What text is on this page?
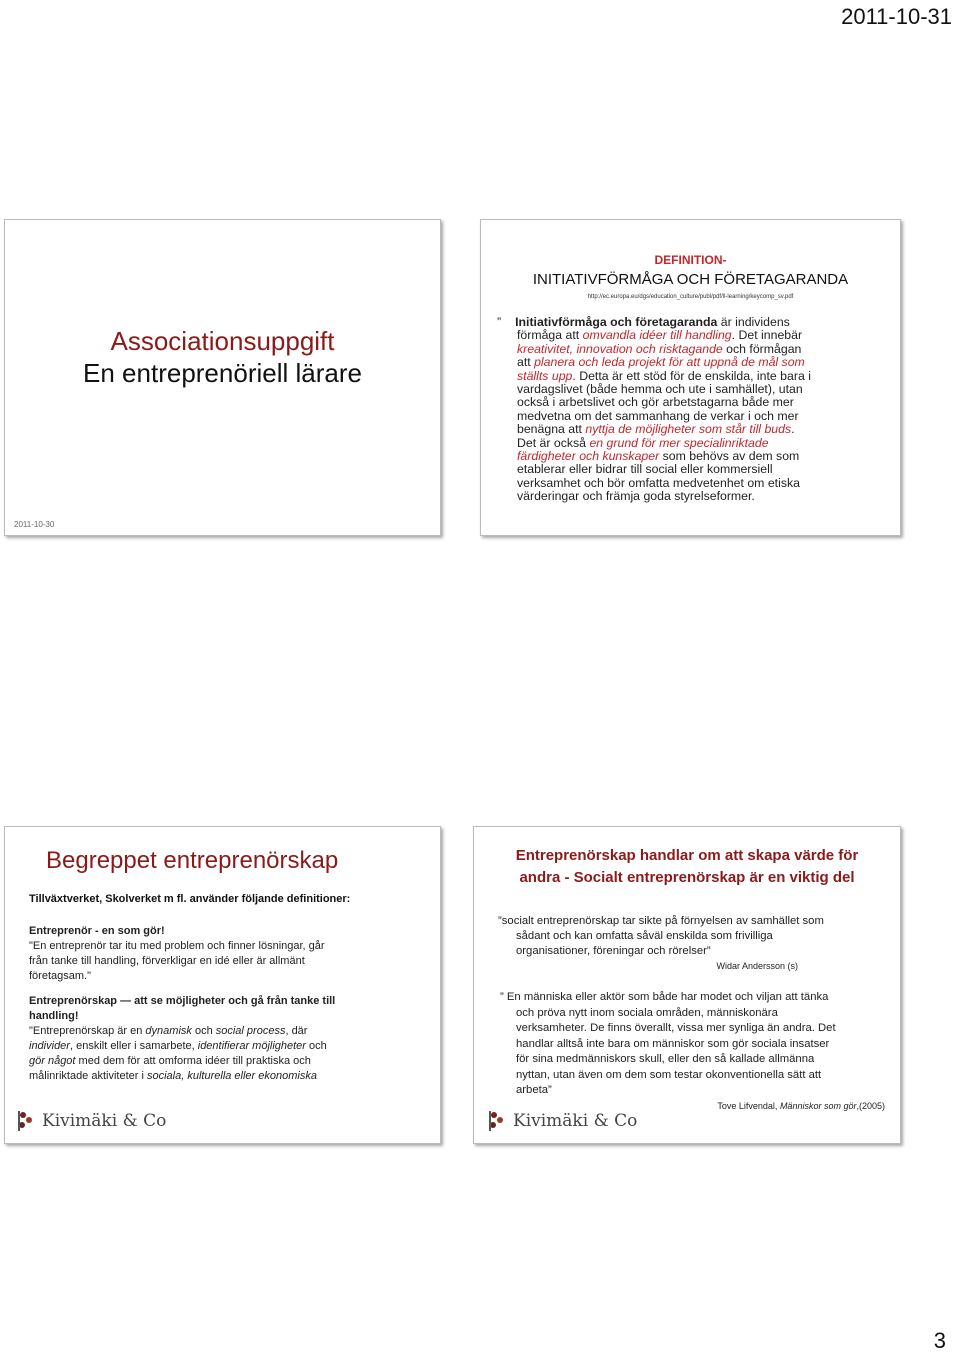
2011-10-31
Associationsuppgift
En entreprenöriell lärare
2011-10-30
DEFINITION-
INITIATIVFÖRMÅGA OCH FÖRETAGARANDA
http://ec.europa.eu/dgs/education_culture/publ/pdf/ll-learning/keycomp_sv.pdf
” Initiativförmåga och företagaranda är individens
förmåga att omvandla idéer till handling. Det innebär
kreativitet, innovation och risktagande och förmågan
att planera och leda projekt för att uppnå de mål som
ställts upp. Detta är ett stöd för de enskilda, inte bara i
vardagslivet (både hemma och ute i samhället), utan
också i arbetslivet och gör arbetstagarna både mer
medvetna om det sammanhang de verkar i och mer
benägna att nyttja de möjligheter som står till buds.
Det är också en grund för mer specialinriktade
färdigheter och kunskaper som behövs av dem som
etablerar eller bidrar till social eller kommersiell
verksamhet och bör omfatta medvetenhet om etiska
värderingar och främja goda styrelseformer.
Begreppet entreprenörskap
Tillväxtverket, Skolverket m fl. använder följande definitioner:
Entreprenör - en som gör!
"En entreprenör tar itu med problem och finner lösningar, går
från tanke till handling, förverkligar en idé eller är allmänt
företagsam."
Entreprenörskap — att se möjligheter och gå från tanke till
handling!
"Entreprenörskap är en dynamisk och social process, där
individer, enskilt eller i samarbete, identifierar möjligheter och
gör något med dem för att omforma idéer till praktiska och
målinriktade aktiviteter i sociala, kulturella eller ekonomiska
Kivimäki & Co
Entreprenörskap handlar om att skapa värde för
andra - Socialt entreprenörskap är en viktig del
”socialt entreprenörskap tar sikte på förnyelsen av samhället som
sådant och kan omfatta såväl enskilda som frivilliga
organisationer, föreningar och rörelser”
Widar Andersson (s)
” En människa eller aktör som både har modet och viljan att tänka
och pröva nytt inom sociala områden, människonära
verksamheter. De finns överallt, vissa mer synliga än andra. Det
handlar alltså inte bara om människor som gör sociala insatser
för sina medmänniskors skull, eller den så kallade allmänna
nyttan, utan även om dem som testar okonventionella sätt att
arbeta”
Tove Lifvendal, Människor som gör,(2005)
Kivimäki & Co
3
